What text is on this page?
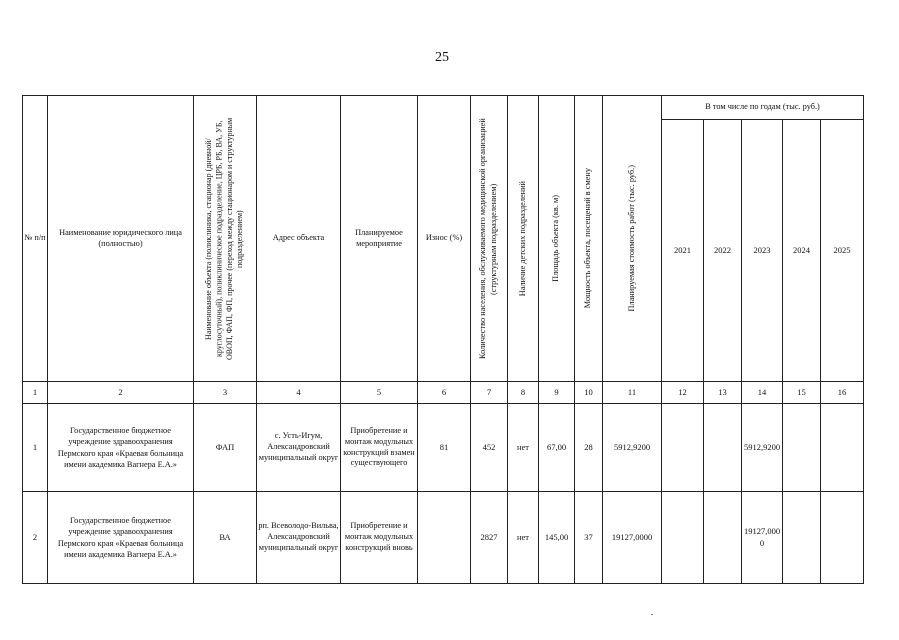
25
№ п/п	Наименование юридического лица (полностью)	Наименование объекта (поликлиника, стационар (дневной/круглосуточный), поликлиническое подразделение, ЦРБ, РБ, ВА, УБ, ОВОП, ФАП, ФП, прочее (переход между стационаром и структурным подразделением)	Адрес объекта	Планируемое мероприятие	Износ (%)	Количество населения, обслуживаемого медицинской организацией (структурным подразделением)	Наличие детских подразделений	Площадь объекта (кв. м)	Мощность объекта, посещений в смену	Планируемая стоимость работ (тыс. руб.)	В том числе по годам (тыс. руб.)				
											2021	2022	2023	2024	2025
1	2	3	4	5	6	7	8	9	10	11	12	13	14	15	16
1	Государственное бюджетное учреждение здравоохранения Пермского края «Краевая больница имени академика Вагнера Е.А.»	ФАП	с. Усть-Игум, Александровский муниципальный округ	Приобретение и монтаж модульных конструкций взамен существующего	81	452	нет	67,00	28	5912,9200			5912,9200		
2	Государственное бюджетное учреждение здравоохранения Пермского края «Краевая больница имени академика Вагнера Е.А.»	ВА	рп. Всеволодо-Вильва, Александровский муниципальный округ	Приобретение и монтаж модульных конструкций вновь		2827	нет	145,00	37	19127,0000			19127,0000		
